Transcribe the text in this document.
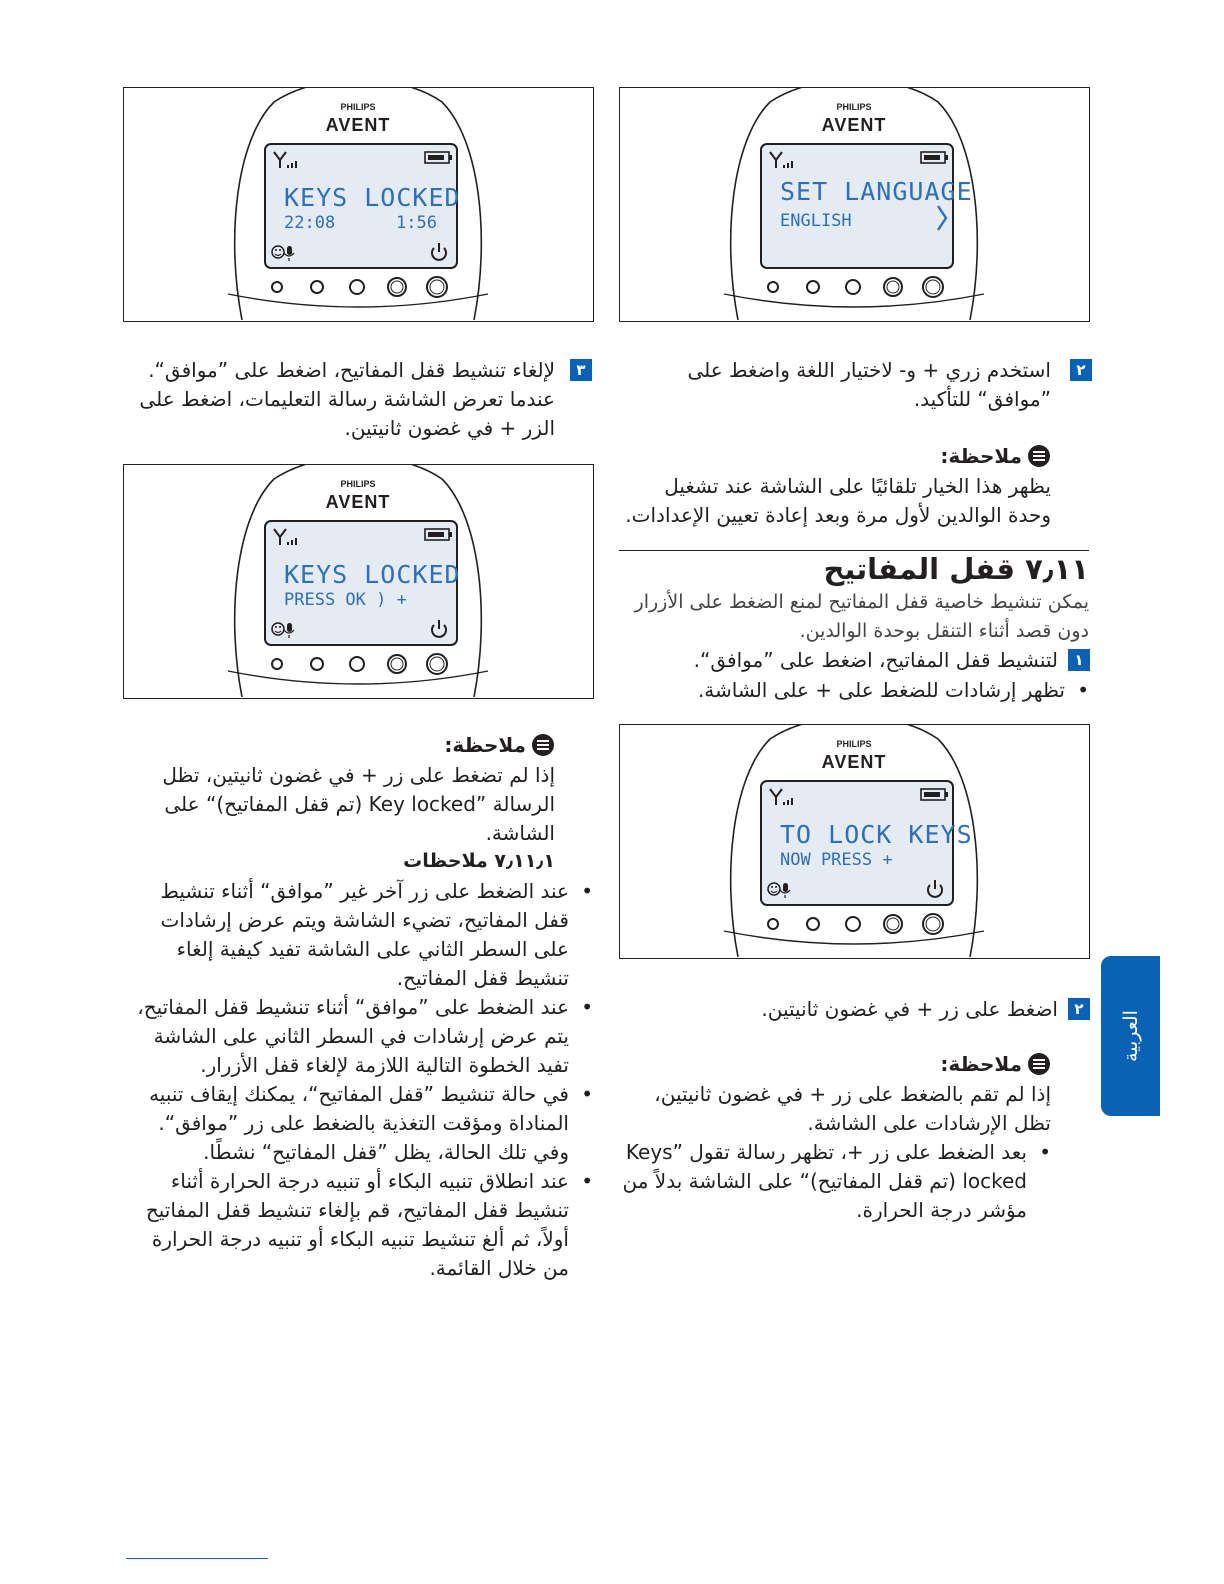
PHILIPS
AVENT
KEYS LOCKED
22:08	1:56
PHILIPS
AVENT
SET LANGUAGE
ENGLISH
PHILIPS
AVENT
KEYS LOCKED
PRESS OK ) +
PHILIPS
AVENT
TO LOCK KEYS
NOW PRESS +
٢
استخدم زري + و- لاختيار اللغة واضغط على ”موافق“ للتأكيد.
ملاحظة:
يظهر هذا الخيار تلقائيًا على الشاشة عند تشغيل وحدة الوالدين لأول مرة وبعد إعادة تعيين الإعدادات.
٧٫١١ قفل المفاتيح
يمكن تنشيط خاصية قفل المفاتيح لمنع الضغط على الأزرار دون قصد أثناء التنقل بوحدة الوالدين.
١لتنشيط قفل المفاتيح، اضغط على ”موافق“.
• تظهر إرشادات للضغط على + على الشاشة.
٢اضغط على زر + في غضون ثانيتين.
ملاحظة:
إذا لم تقم بالضغط على زر + في غضون ثانيتين، تظل الإرشادات على الشاشة.
• بعد الضغط على زر +، تظهر رسالة تقول ”Keys locked (تم قفل المفاتيح)“ على الشاشة بدلاً من مؤشر درجة الحرارة.
٣
لإلغاء تنشيط قفل المفاتيح، اضغط على ”موافق“. عندما تعرض الشاشة رسالة التعليمات، اضغط على الزر + في غضون ثانيتين.
ملاحظة:
إذا لم تضغط على زر + في غضون ثانيتين، تظل الرسالة ”Key locked (تم قفل المفاتيح)“ على الشاشة.
٧٫١١٫١ ملاحظات
• عند الضغط على زر آخر غير ”موافق“ أثناء تنشيط قفل المفاتيح، تضيء الشاشة ويتم عرض إرشادات على السطر الثاني على الشاشة تفيد كيفية إلغاء تنشيط قفل المفاتيح.
• عند الضغط على ”موافق“ أثناء تنشيط قفل المفاتيح، يتم عرض إرشادات في السطر الثاني على الشاشة تفيد الخطوة التالية اللازمة لإلغاء قفل الأزرار.
• في حالة تنشيط ”قفل المفاتيح“، يمكنك إيقاف تنبيه المناداة ومؤقت التغذية بالضغط على زر ”موافق“. وفي تلك الحالة، يظل ”قفل المفاتيح“ نشطًا.
• عند انطلاق تنبيه البكاء أو تنبيه درجة الحرارة أثناء تنشيط قفل المفاتيح، قم بإلغاء تنشيط قفل المفاتيح أولاً، ثم ألغ تنشيط تنبيه البكاء أو تنبيه درجة الحرارة من خلال القائمة.
العربية
